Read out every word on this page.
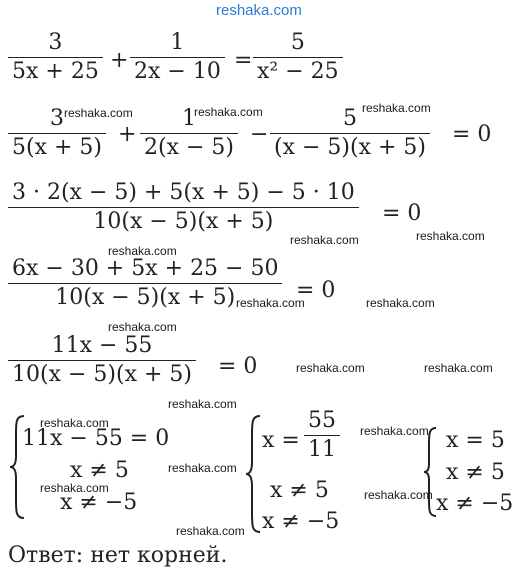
reshaka.com
3
5x + 25 +
1
2x − 10 =
5
x² − 25
3
5(x + 5)
+
1
2(x − 5)
−
5
(x − 5)(x + 5)
= 0
3 · 2(x − 5) + 5(x + 5) − 5 · 10
10(x − 5)(x + 5)	= 0
6x − 30 + 5x + 25 − 50
10(x − 5)(x + 5)	= 0
11x − 55
10(x − 5)(x + 5) = 0
11x − 55 = 0
x ≠ 5
x ≠ −5
x =
55
11
x ≠ 5
x ≠ −5
x = 5
x ≠ 5
x ≠ −5
Ответ: нет корней.
reshaka.com
reshaka.com
reshaka.com
reshaka.com	reshaka.com
reshaka.com
reshaka.com	reshaka.com
reshaka.com
reshaka.com	reshaka.com
reshaka.com
reshaka.com
reshaka.com
reshaka.com
reshaka.com	reshaka.com
reshaka.com
